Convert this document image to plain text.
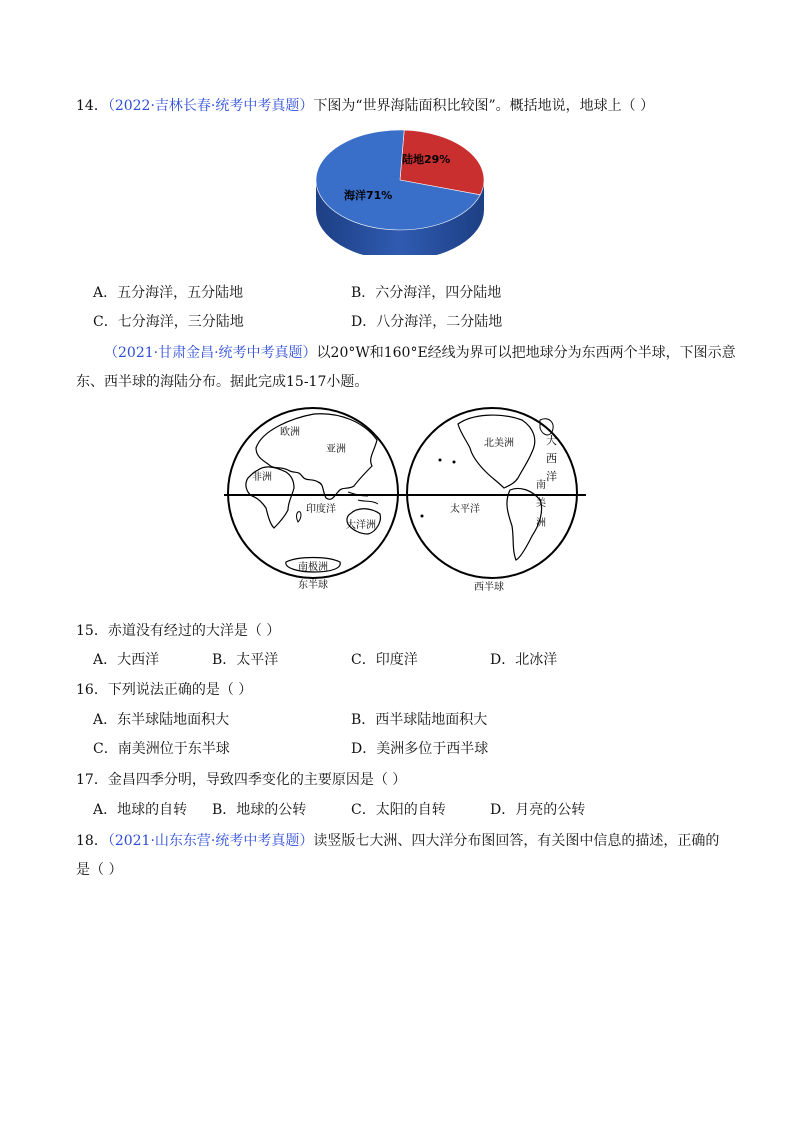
14．（2022·吉林长春·统考中考真题）下图为“世界海陆面积比较图”。概括地说，地球上（ ）
海洋71%
陆地29%
A．五分海洋，五分陆地	B．六分海洋，四分陆地
C．七分海洋，三分陆地	D．八分海洋，二分陆地
（2021·甘肃金昌·统考中考真题）以20°W和160°E经线为界可以把地球分为东西两个半球，下图示意
东、西半球的海陆分布。据此完成15-17小题。
欧洲
亚洲
非洲
印度洋
大洋洲
南极洲
东半球
北美洲
太平洋
大
西
洋
南
美
洲
西半球
15．赤道没有经过的大洋是（ ）
A．大西洋	B．太平洋	C．印度洋	D．北冰洋
16．下列说法正确的是（ ）
A．东半球陆地面积大	B．西半球陆地面积大
C．南美洲位于东半球	D．美洲多位于西半球
17．金昌四季分明，导致四季变化的主要原因是（ ）
A．地球的自转 B．地球的公转	C．太阳的自转	D．月亮的公转
18．（2021·山东东营·统考中考真题）读竖版七大洲、四大洋分布图回答，有关图中信息的描述，正确的
是（ ）
